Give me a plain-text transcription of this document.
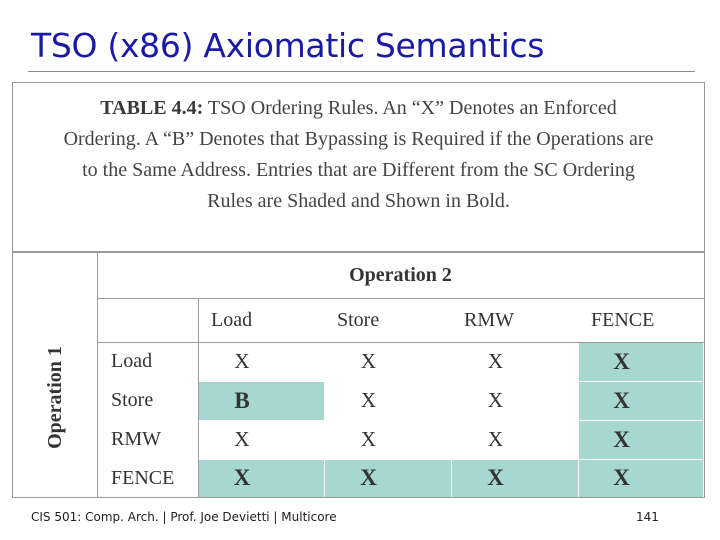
TSO (x86) Axiomatic Semantics
TABLE 4.4: TSO Ordering Rules. An “X” Denotes an Enforced Ordering. A “B” Denotes that Bypassing is Required if the Operations are to the Same Address. Entries that are Different from the SC Ordering Rules are Shaded and Shown in Bold.
Operation 2
Operation 1
Load	Store	RMW	FENCE
Load	X	X	X	X
Store	B	X	X	X
RMW	X	X	X	X
FENCE	X	X	X	X
CIS 501: Comp. Arch. | Prof. Joe Devietti | Multicore	141
